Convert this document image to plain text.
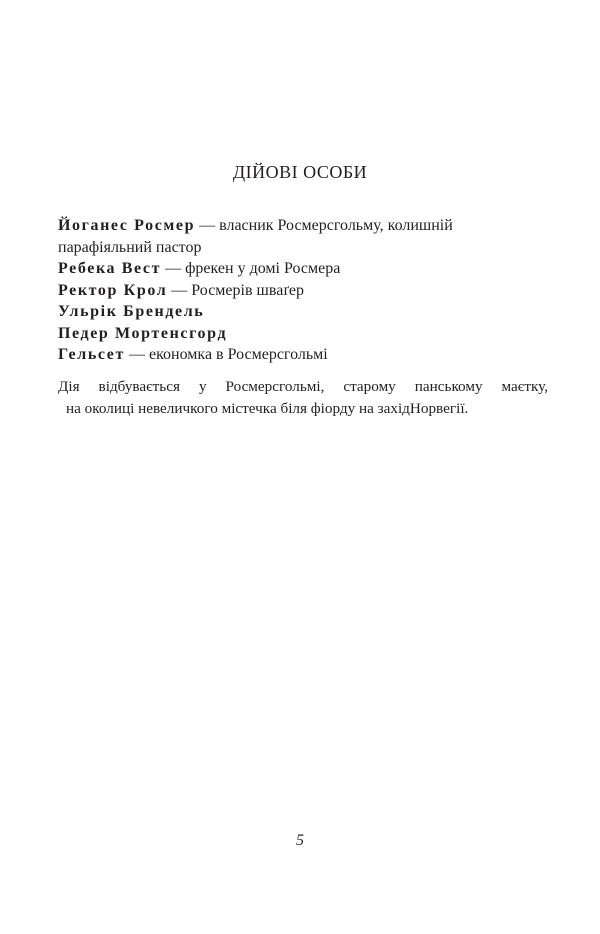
ДІЙОВІ ОСОБИ

Йоганес Росмер — власник Росмерсгольму, колишній
парафіяльний пастор

Ребека Вест — фрекен у домі Росмера

Ректор Крол — Росмерів шваґер

Ульрік Брендель

Педер Мортенсгорд

Гельсет — економка в Росмерсгольмі

Дія відбувається у Росмерсгольмі, старому панському маєтку,
на околиці невеличкого містечка біля фіорду на західНорвегії.
5
